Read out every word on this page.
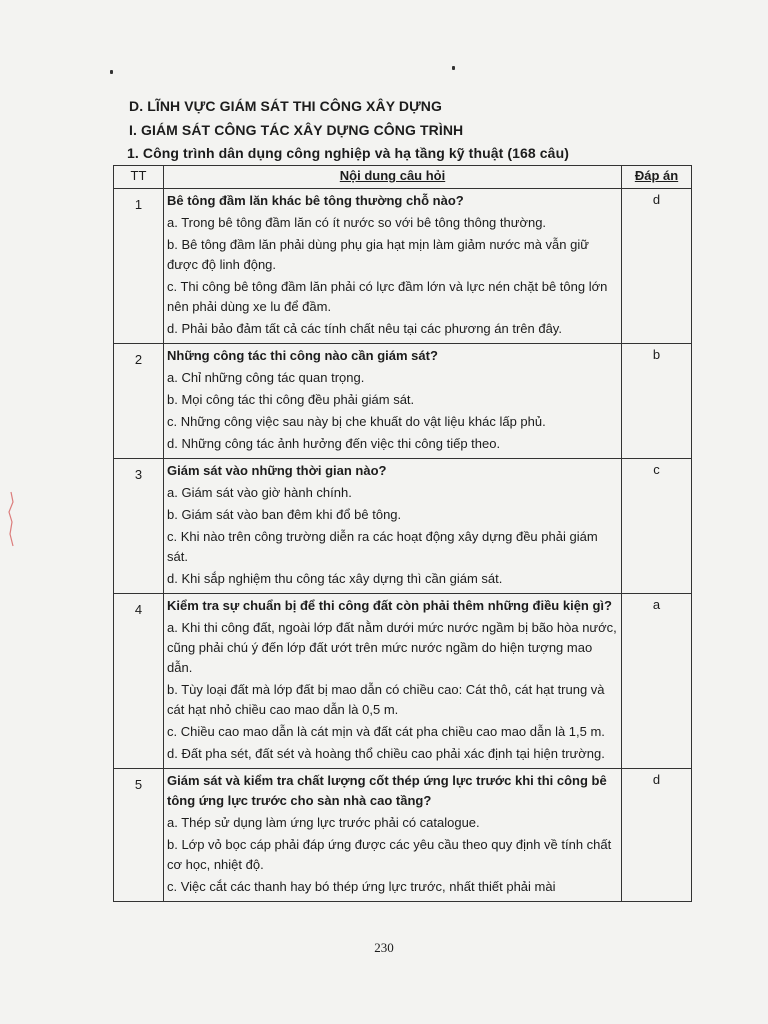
D. LĨNH VỰC GIÁM SÁT THI CÔNG XÂY DỰNG
I. GIÁM SÁT CÔNG TÁC XÂY DỰNG CÔNG TRÌNH
1. Công trình dân dụng công nghiệp và hạ tầng kỹ thuật (168 câu)
TT	Nội dung câu hỏi	Đáp án
1	Bê tông đầm lăn khác bê tông thường chỗ nào?
a. Trong bê tông đầm lăn có ít nước so với bê tông thông thường.
b. Bê tông đầm lăn phải dùng phụ gia hạt mịn làm giảm nước mà vẫn giữ được độ linh động.
c. Thi công bê tông đầm lăn phải có lực đầm lớn và lực nén chặt bê tông lớn nên phải dùng xe lu để đầm.
d. Phải bảo đảm tất cả các tính chất nêu tại các phương án trên đây.	d
2	Những công tác thi công nào cần giám sát?
a. Chỉ những công tác quan trọng.
b. Mọi công tác thi công đều phải giám sát.
c. Những công việc sau này bị che khuất do vật liệu khác lấp phủ.
d. Những công tác ảnh hưởng đến việc thi công tiếp theo.	b
3	Giám sát vào những thời gian nào?
a. Giám sát vào giờ hành chính.
b. Giám sát vào ban đêm khi đổ bê tông.
c. Khi nào trên công trường diễn ra các hoạt động xây dựng đều phải giám sát.
d. Khi sắp nghiệm thu công tác xây dựng thì cần giám sát.	c
4	Kiểm tra sự chuẩn bị để thi công đất còn phải thêm những điều kiện gì?
a. Khi thi công đất, ngoài lớp đất nằm dưới mức nước ngầm bị bão hòa nước, cũng phải chú ý đến lớp đất ướt trên mức nước ngầm do hiện tượng mao dẫn.
b. Tùy loại đất mà lớp đất bị mao dẫn có chiều cao: Cát thô, cát hạt trung và cát hạt nhỏ chiều cao mao dẫn là 0,5 m.
c. Chiều cao mao dẫn là cát mịn và đất cát pha chiều cao mao dẫn là 1,5 m.
d. Đất pha sét, đất sét và hoàng thổ chiều cao phải xác định tại hiện trường.	a
5	Giám sát và kiểm tra chất lượng cốt thép ứng lực trước khi thi công bê tông ứng lực trước cho sàn nhà cao tầng?
a. Thép sử dụng làm ứng lực trước phải có catalogue.
b. Lớp vỏ bọc cáp phải đáp ứng được các yêu cầu theo quy định về tính chất cơ học, nhiệt độ.
c. Việc cắt các thanh hay bó thép ứng lực trước, nhất thiết phải mài	d
230
